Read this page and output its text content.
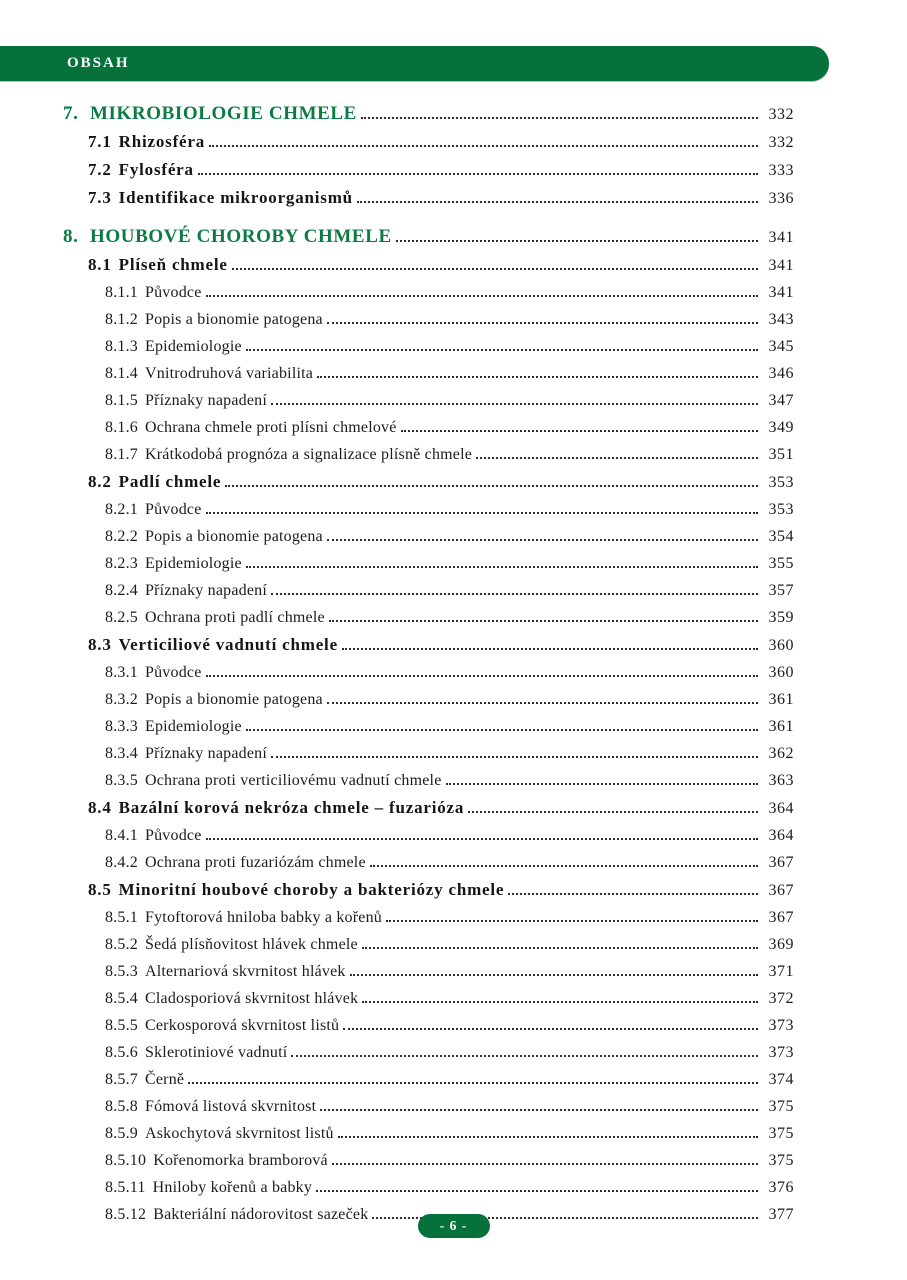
OBSAH
7. MIKROBIOLOGIE CHMELE	332
7.1 Rhizosféra	332
7.2 Fylosféra	333
7.3 Identifikace mikroorganismů	336
8. HOUBOVÉ CHOROBY CHMELE	341
8.1 Plíseň chmele	341
8.1.1 Původce	341
8.1.2 Popis a bionomie patogena	343
8.1.3 Epidemiologie	345
8.1.4 Vnitrodruhová variabilita	346
8.1.5 Příznaky napadení	347
8.1.6 Ochrana chmele proti plísni chmelové	349
8.1.7 Krátkodobá prognóza a signalizace plísně chmele	351
8.2 Padlí chmele	353
8.2.1 Původce	353
8.2.2 Popis a bionomie patogena	354
8.2.3 Epidemiologie	355
8.2.4 Příznaky napadení	357
8.2.5 Ochrana proti padlí chmele	359
8.3 Verticiliové vadnutí chmele	360
8.3.1 Původce	360
8.3.2 Popis a bionomie patogena	361
8.3.3 Epidemiologie	361
8.3.4 Příznaky napadení	362
8.3.5 Ochrana proti verticiliovému vadnutí chmele	363
8.4 Bazální korová nekróza chmele – fuzarióza	364
8.4.1 Původce	364
8.4.2 Ochrana proti fuzariózám chmele	367
8.5 Minoritní houbové choroby a bakteriózy chmele	367
8.5.1 Fytoftorová hniloba babky a kořenů	367
8.5.2 Šedá plísňovitost hlávek chmele	369
8.5.3 Alternariová skvrnitost hlávek	371
8.5.4 Cladosporiová skvrnitost hlávek	372
8.5.5 Cerkosporová skvrnitost listů	373
8.5.6 Sklerotiniové vadnutí	373
8.5.7 Černě	374
8.5.8 Fómová listová skvrnitost	375
8.5.9 Askochytová skvrnitost listů	375
8.5.10 Kořenomorka bramborová	375
8.5.11 Hniloby kořenů a babky	376
8.5.12 Bakteriální nádorovitost sazeček	377
- 6 -
